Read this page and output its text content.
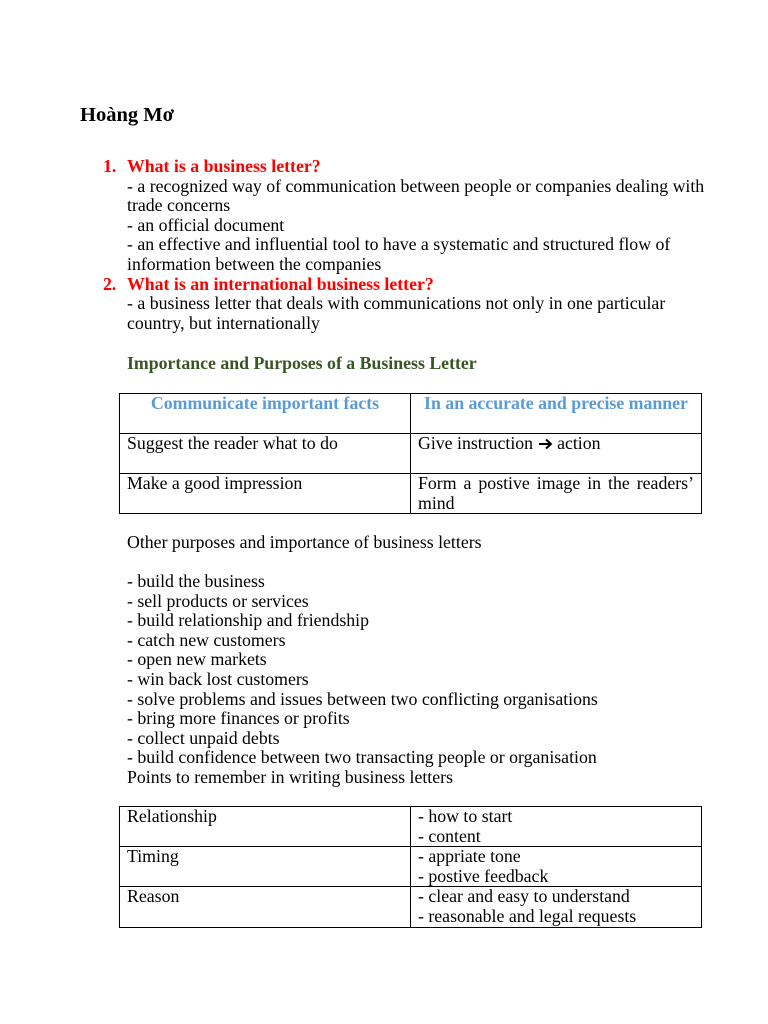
Hoàng Mơ
1. What is a business letter?
- a recognized way of communication between people or companies dealing with
trade concerns
- an official document
- an effective and influential tool to have a systematic and structured flow of
information between the companies
2. What is an international business letter?
- a business letter that deals with communications not only in one particular
country, but internationally
Importance and Purposes of a Business Letter
Communicate important facts	In an accurate and precise manner
Suggest the reader what to do	Give instruction action
Make a good impression	Form a postive image in the readers’ mind
Other purposes and importance of business letters
- build the business
- sell products or services
- build relationship and friendship
- catch new customers
- open new markets
- win back lost customers
- solve problems and issues between two conflicting organisations
- bring more finances or profits
- collect unpaid debts
- build confidence between two transacting people or organisation
Points to remember in writing business letters
Relationship	- how to start
- content

Timing	- appriate tone
- postive feedback

Reason	- clear and easy to understand
- reasonable and legal requests
